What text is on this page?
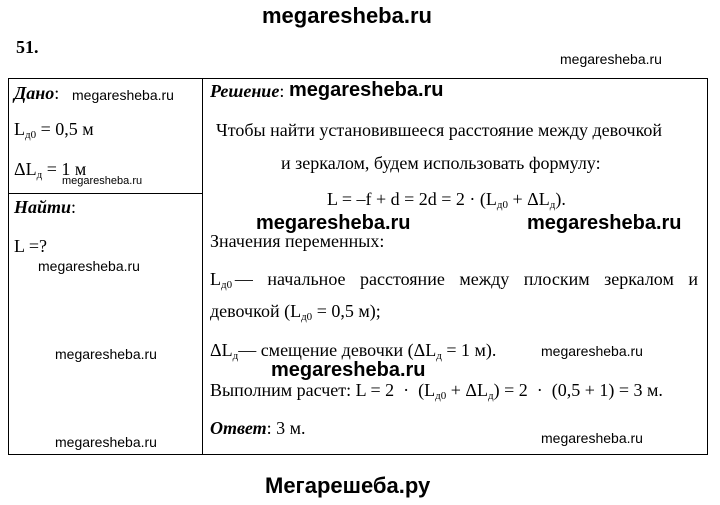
megaresheba.ru
51.
megaresheba.ru
Дано: megaresheba.ru
$L_{д0} = 0,5$ м
$\Delta L_д = 1$ м
megaresheba.ru
Найти:
L =?
megaresheba.ru
megaresheba.ru
megaresheba.ru
Решение: megaresheba.ru
Чтобы найти установившееся расстояние между девочкой
и зеркалом, будем использовать формулу:
$L = -f + d = 2d = 2 \cdot (L_{д0} + \Delta L_д)$.
megaresheba.ru	megaresheba.ru
Значения переменных:
$L_{д0}$ — начальное расстояние между плоским зеркалом и
девочкой ($L_{д0} = 0,5$ м);
$\Delta L_д—$ смещение девочки ($\Delta L_д = 1$ м).	megaresheba.ru
megaresheba.ru
Выполним расчет: $L = 2 \cdot (L_{д0} + \Delta L_д) = 2 \cdot (0,5 + 1) = 3$ м.
Ответ: 3 м.	megaresheba.ru
Мегарешеба.ру
